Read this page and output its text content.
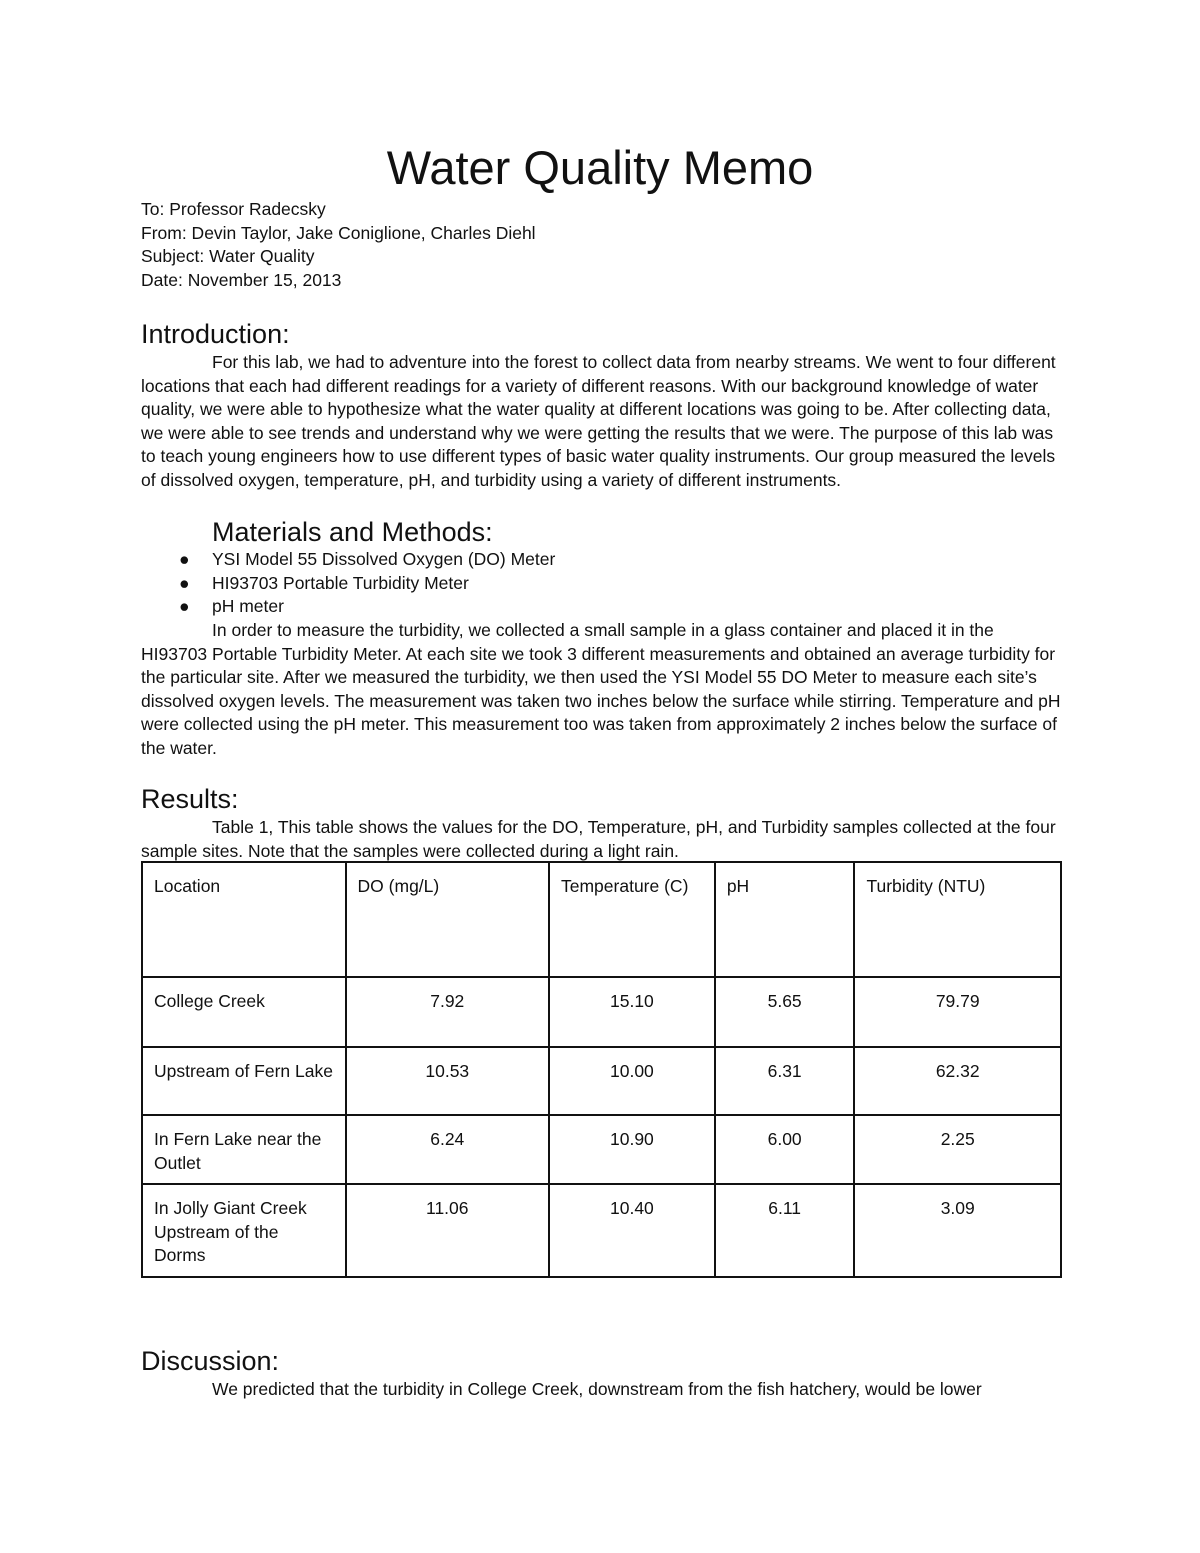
Water Quality Memo
To: Professor Radecsky
From: Devin Taylor, Jake Coniglione, Charles Diehl
Subject: Water Quality
Date: November 15, 2013
Introduction:

For this lab, we had to adventure into the forest to collect data from nearby streams. We went to four different locations that each had different readings for a variety of different reasons. With our background knowledge of water quality, we were able to hypothesize what the water quality at different locations was going to be. After collecting data, we were able to see trends and understand why we were getting the results that we were. The purpose of this lab was to teach young engineers how to use different types of basic water quality instruments. Our group measured the levels of dissolved oxygen, temperature, pH, and turbidity using a variety of different instruments.

Materials and Methods:
● YSI Model 55 Dissolved Oxygen (DO) Meter
● HI93703 Portable Turbidity Meter
● pH meter

In order to measure the turbidity, we collected a small sample in a glass container and placed it in the HI93703 Portable Turbidity Meter. At each site we took 3 different measurements and obtained an average turbidity for the particular site. After we measured the turbidity, we then used the YSI Model 55 DO Meter to measure each site’s dissolved oxygen levels. The measurement was taken two inches below the surface while stirring. Temperature and pH were collected using the pH meter. This measurement too was taken from approximately 2 inches below the surface of the water.

Results:

Table 1, This table shows the values for the DO, Temperature, pH, and Turbidity samples collected at the four sample sites. Note that the samples were collected during a light rain.

Location	DO (mg/L)	Temperature (C)	pH	Turbidity (NTU)
College Creek	7.92	15.10	5.65	79.79
Upstream of Fern Lake	10.53	10.00	6.31	62.32
In Fern Lake near the Outlet	6.24	10.90	6.00	2.25
In Jolly Giant Creek Upstream of the Dorms	11.06	10.40	6.11	3.09
Discussion:

We predicted that the turbidity in College Creek, downstream from the fish hatchery, would be lower
